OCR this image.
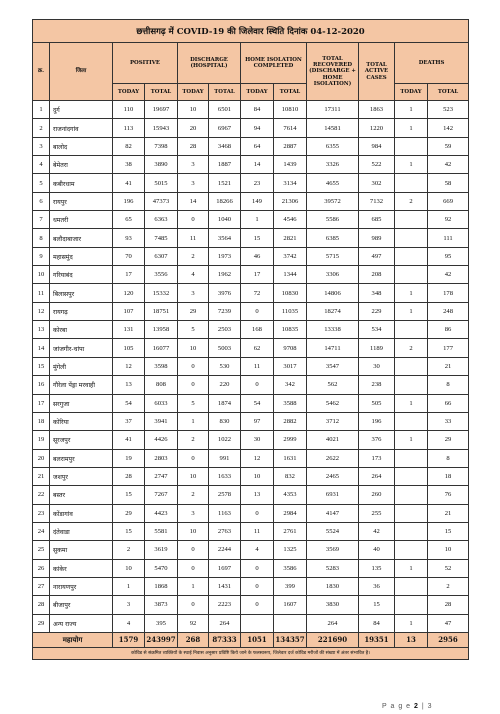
छत्तीसगढ़ में COVID-19 की जिलेवार स्थिति दिनांक 04-12-2020											
क्र.	जिला	POSITIVE		DISCHARGE (HOSPITAL)		HOME ISOLATION COMPLETED		TOTAL RECOVERED (DISCHARGE + HOME ISOLATION)	TOTAL ACTIVE CASES	DEATHS	
		TODAY	TOTAL	TODAY	TOTAL	TODAY	TOTAL			TODAY	TOTAL
1	दुर्ग	110	19697	10	6501	84	10810	17311	1863	1	523
2	राजनांदगांव	113	15943	20	6967	94	7614	14581	1220	1	142
3	बालोद	82	7398	28	3468	64	2887	6355	984		59
4	बेमेतरा	38	3890	3	1887	14	1439	3326	522	1	42
5	कबीरधाम	41	5015	3	1521	23	3134	4655	302		58
6	रायपुर	196	47373	14	18266	149	21306	39572	7132	2	669
7	धमतरी	65	6363	0	1040	1	4546	5586	685		92
8	बलौदाबाजार	93	7485	11	3564	15	2821	6385	989		111
9	महासमुंद	70	6307	2	1973	46	3742	5715	497		95
10	गरियाबंद	17	3556	4	1962	17	1344	3306	208		42
11	बिलासपुर	120	15332	3	3976	72	10830	14806	348	1	178
12	रायगढ़	107	18751	29	7239	0	11035	18274	229	1	248
13	कोरबा	131	13958	5	2503	168	10835	13338	534		86
14	जांजगीर-चांपा	105	16077	10	5003	62	9708	14711	1189	2	177
15	मुंगेली	12	3598	0	530	11	3017	3547	30		21
16	गौरेला पेंड्रा मरवाही	13	808	0	220	0	342	562	238		8
17	सरगुजा	54	6033	5	1874	54	3588	5462	505	1	66
18	कोरिया	37	3941	1	830	97	2882	3712	196		33
19	सूरजपुर	41	4426	2	1022	30	2999	4021	376	1	29
20	बलरामपुर	19	2803	0	991	12	1631	2622	173		8
21	जशपुर	28	2747	10	1633	10	832	2465	264		18
22	बस्तर	15	7267	2	2578	13	4353	6931	260		76
23	कोंडागांव	29	4423	3	1163	0	2984	4147	255		21
24	दंतेवाडा	15	5581	10	2763	11	2761	5524	42		15
25	सुकमा	2	3619	0	2244	4	1325	3569	40		10
26	कांकेर	10	5470	0	1697	0	3586	5283	135	1	52
27	नारायणपुर	1	1868	1	1431	0	399	1830	36		2
28	बीजापुर	3	3873	0	2223	0	1607	3830	15		28
29	अन्य राज्य	4	395	92	264			264	84	1	47
महायोग		1579	243997	268	87333	1051	134357	221690	19351	13	2956
कोविड से संक्रमित व्यक्तियों के स्थाई निवास अनुसार प्रविष्टि किये जाने के फलस्वरूप, जिलेवार दर्ज कोविड मरीजों की संख्या में अंतर संभावित है।											
P a g e 2 | 3
